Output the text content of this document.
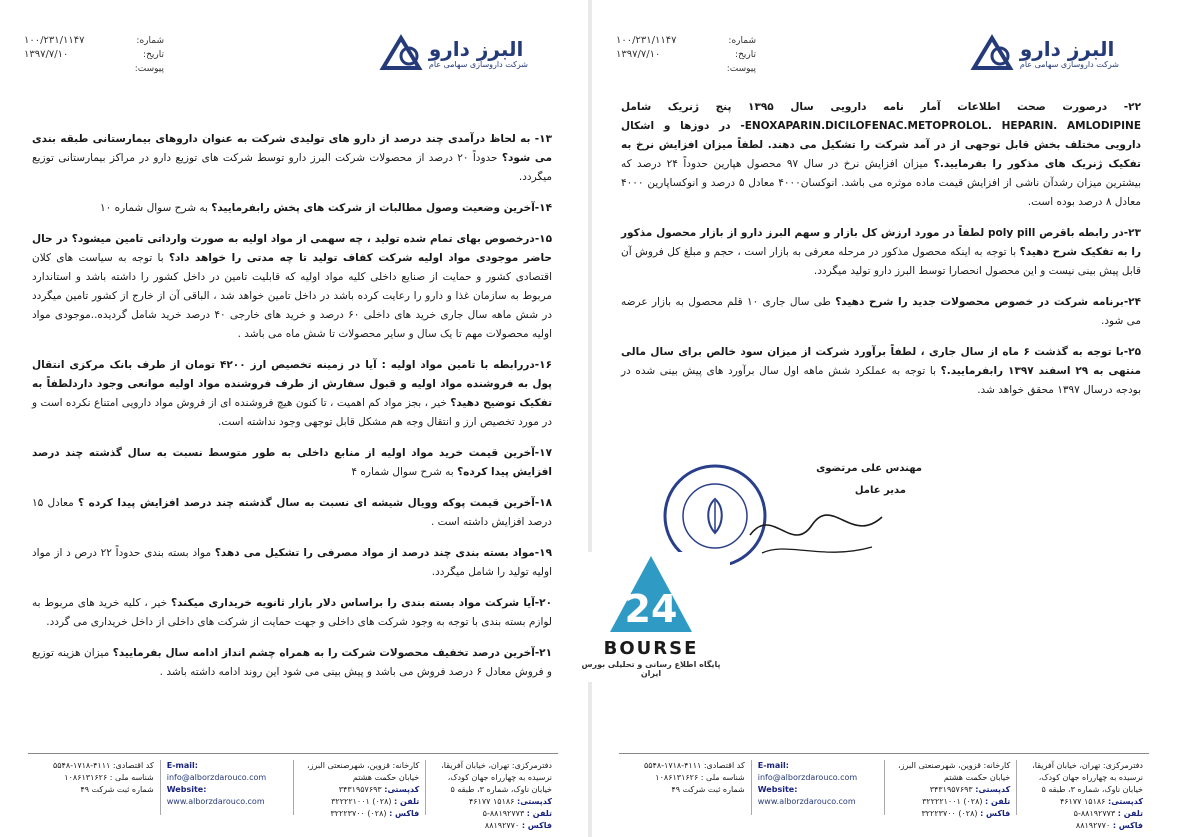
البرز دارو
شرکت داروسازی سهامی عام
شماره:
۱۰۰/۲۳۱/۱۱۴۷
تاریخ:
۱۳۹۷/۷/۱۰
پیوست:
۱۳- به لحاظ درآمدی چند درصد از دارو های تولیدی شرکت به عنوان داروهای بیمارستانی طبقه بندی می شود؟ حدوداً ۲۰ درصد از محصولات شرکت البرز دارو توسط شرکت های توزیع دارو در مراکز بیمارستانی توزیع میگردد.
۱۴-آخرین وضعیت وصول مطالبات از شرکت های پخش رابفرمایید؟ به شرح سوال شماره ۱۰
۱۵-درخصوص بهای تمام شده تولید ، چه سهمی از مواد اولیه به صورت وارداتی تامین میشود؟ در حال حاضر موجودی مواد اولیه شرکت کفاف تولید تا چه مدتی را خواهد داد؟ با توجه به سیاست های کلان اقتصادی کشور و حمایت از صنایع داخلی کلیه مواد اولیه که قابلیت تامین در داخل کشور را داشته باشد و استاندارد مربوط به سازمان غذا و دارو را رعایت کرده باشد در داخل تامین خواهد شد ، الباقی آن از خارج از کشور تامین میگردد در شش ماهه سال جاری خرید های داخلی ۶۰ درصد و خرید های خارجی ۴۰ درصد خرید شامل گردیده..موجودی مواد اولیه محصولات مهم تا یک سال و سایر محصولات تا شش ماه می باشد .
۱۶-دررابطه با تامین مواد اولیه : آیا در زمینه تخصیص ارز ۴۲۰۰ تومان از طرف بانک مرکزی انتقال پول به فروشنده مواد اولیه و قبول سفارش از طرف فروشنده مواد اولیه موانعی وجود داردلطفاً به تفکیک توضیح دهید؟ خیر ، بجز مواد کم اهمیت ، تا کنون هیچ فروشنده ای از فروش مواد دارویی امتناع نکرده است و در مورد تخصیص ارز و انتقال وجه هم مشکل قابل توجهی وجود نداشته است.
۱۷-آخرین قیمت خرید مواد اولیه از منابع داخلی به طور متوسط نسبت به سال گذشته چند درصد افزایش پیدا کرده؟ به شرح سوال شماره ۴
۱۸-آخرین قیمت پوکه وویال شیشه ای نسبت به سال گذشته چند درصد افزایش پیدا کرده ؟ معادل ۱۵ درصد افزایش داشته است .
۱۹-مواد بسته بندی چند درصد از مواد مصرفی را تشکیل می دهد؟ مواد بسته بندی حدوداً ۲۲ درص د از مواد اولیه تولید را شامل میگردد.
۲۰-آیا شرکت مواد بسته بندی را براساس دلار بازار ثانویه خریداری میکند؟ خیر ، کلیه خرید های مربوط به لوازم بسته بندی با توجه به وجود شرکت های داخلی و جهت حمایت از شرکت های داخلی از داخل خریداری می گردد.
۲۱-آخرین درصد تخفیف محصولات شرکت را به همراه چشم انداز ادامه سال بفرمایید؟ میزان هزینه توزیع و فروش معادل ۶ درصد فروش می باشد و پیش بینی می شود این روند ادامه داشته باشد .
دفترمرکزی: تهران، خیابان آفریقا، نرسیده به چهارراه جهان کودک، خیابان ناوک، شماره ۳، طبقه ۵
کدپستی: ۱۵۱۸۶ ۴۶۱۷۷
تلفن : ۸۸۱۹۲۷۷۳-۵
فاکس : ۸۸۱۹۲۷۷۰
کارخانه: قزوین، شهرصنعتی البرز، خیابان حکمت هشتم
کدپستی: ۳۴۳۱۹۵۷۶۹۳
تلفن : (۰۲۸) ۳۲۲۲۲۱۰۰۱
فاکس : (۰۲۸) ۳۲۲۲۳۷۰۰
E-mail:
info@alborzdarouco.com
Website:
www.alborzdarouco.com
کد اقتصادی: ۴۱۱۱-۱۷۱۸-۵۵۴۸
شناسه ملی : ۱۰۸۶۱۳۱۶۲۶
شماره ثبت شرکت ۴۹
البرز دارو
شرکت داروسازی سهامی عام
شماره:
۱۰۰/۲۳۱/۱۱۴۷
تاریخ:
۱۳۹۷/۷/۱۰
پیوست:
۲۲- درصورت صحت اطلاعات آمار نامه دارویی سال ۱۳۹۵ پنج ژنریک شامل ENOXAPARIN.DICILOFENAC.METOPROLOL. HEPARIN. AMLODIPINE- در دوزها و اشکال دارویی مختلف بخش قابل توجهی از در آمد شرکت را تشکیل می دهند. لطفاً میزان افزایش نرخ به تفکیک ژنریک های مذکور را بفرمایید.؟ میزان افزایش نرخ در سال ۹۷ محصول هپارین حدوداً ۲۴ درصد که بیشترین میزان رشدآن ناشی از افزایش قیمت ماده موثره می باشد. انوکسان۴۰۰۰ معادل ۵ درصد و انوکساپارین ۴۰۰۰ معادل ۸ درصد بوده است.
۲۳-در رابطه باقرص poly pill لطفاً در مورد ارزش کل بازار و سهم البرز دارو از بازار محصول مذکور را به تفکیک شرح دهید؟ با توجه به اینکه محصول مذکور در مرحله معرفی به بازار است ، حجم و مبلغ کل فروش آن قابل پیش بینی نیست و این محصول انحصارا توسط البرز دارو تولید میگردد.
۲۴-برنامه شرکت در خصوص محصولات جدید را شرح دهید؟ طی سال جاری ۱۰ قلم محصول به بازار عرضه می شود.
۲۵-با توجه به گذشت ۶ ماه از سال جاری ، لطفاً برآورد شرکت از میزان سود خالص برای سال مالی منتهی به ۲۹ اسفند ۱۳۹۷ رابفرمایید.؟ با توجه به عملکرد شش ماهه اول سال برآورد های پیش بینی شده در بودجه درسال ۱۳۹۷ محقق خواهد شد.
مهندس علی مرتضوی
مدیر عامل
دفترمرکزی: تهران، خیابان آفریقا، نرسیده به چهارراه جهان کودک، خیابان ناوک، شماره ۳، طبقه ۵
کدپستی: ۱۵۱۸۶ ۴۶۱۷۷
تلفن : ۸۸۱۹۲۷۷۳-۵
فاکس : ۸۸۱۹۲۷۷۰
کارخانه: قزوین، شهرصنعتی البرز، خیابان حکمت هشتم
کدپستی: ۳۴۳۱۹۵۷۶۹۳
تلفن : (۰۲۸) ۳۲۲۲۲۱۰۰۱
فاکس : (۰۲۸) ۳۲۲۲۳۷۰۰
E-mail:
info@alborzdarouco.com
Website:
www.alborzdarouco.com
کد اقتصادی: ۴۱۱۱-۱۷۱۸-۵۵۴۸
شناسه ملی : ۱۰۸۶۱۳۱۶۲۶
شماره ثبت شرکت ۴۹
24
BOURSE
پایگاه اطلاع رسانی و تحلیلی بورس ایران
